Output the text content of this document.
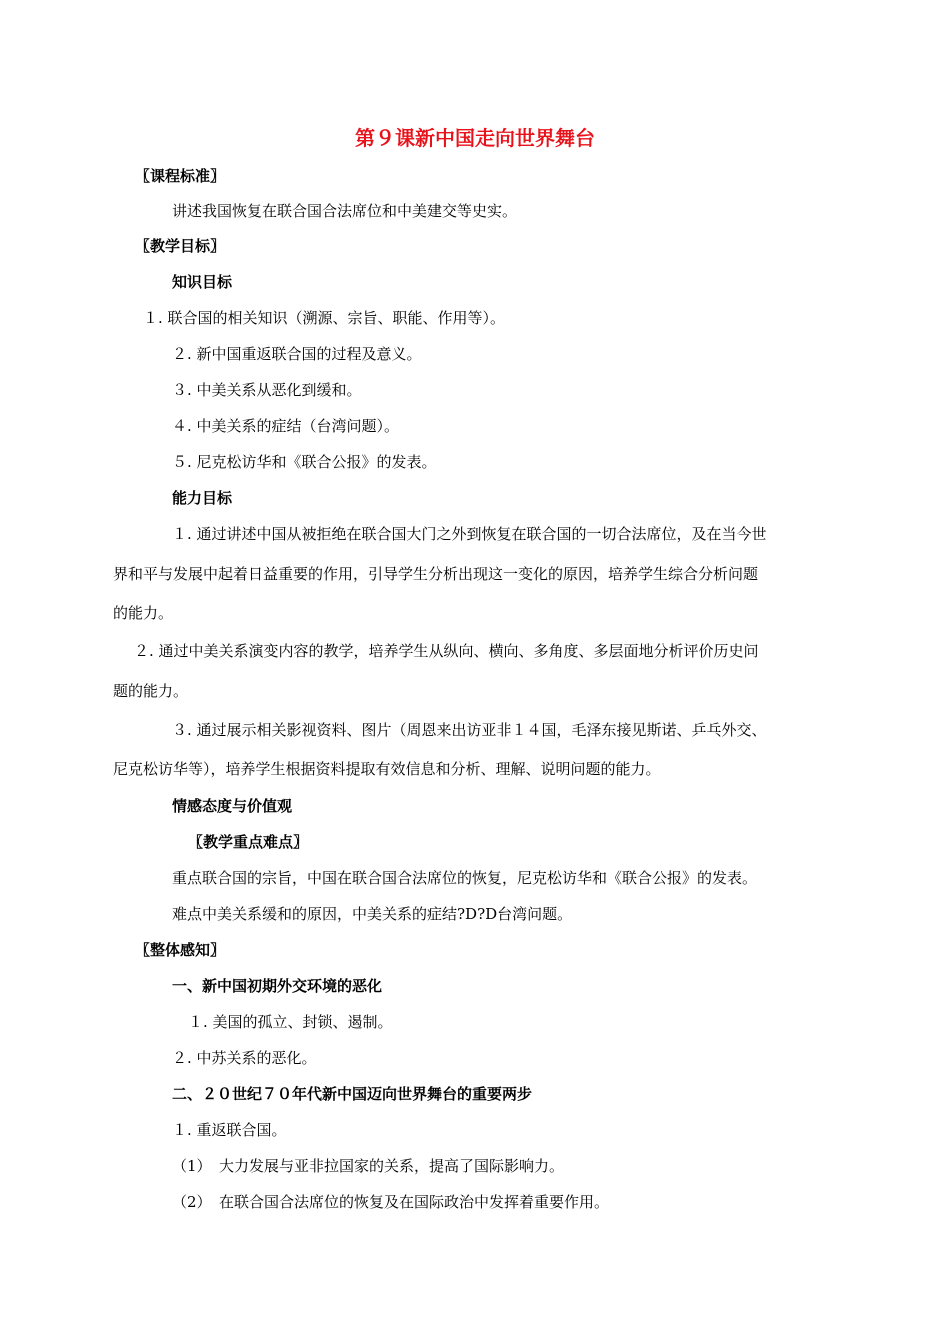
第９课新中国走向世界舞台
〖课程标准〗
讲述我国恢复在联合国合法席位和中美建交等史实。
〖教学目标〗
知识目标
１. 联合国的相关知识（溯源、宗旨、职能、作用等）。
２. 新中国重返联合国的过程及意义。
３. 中美关系从恶化到缓和。
４. 中美关系的症结（台湾问题）。
５. 尼克松访华和《联合公报》的发表。
能力目标
１. 通过讲述中国从被拒绝在联合国大门之外到恢复在联合国的一切合法席位，及在当今世
界和平与发展中起着日益重要的作用，引导学生分析出现这一变化的原因，培养学生综合分析问题
的能力。
２. 通过中美关系演变内容的教学，培养学生从纵向、横向、多角度、多层面地分析评价历史问
题的能力。
３. 通过展示相关影视资料、图片（周恩来出访亚非１４国，毛泽东接见斯诺、乒乓外交、
尼克松访华等），培养学生根据资料提取有效信息和分析、理解、说明问题的能力。
情感态度与价值观
〖教学重点难点〗
重点联合国的宗旨，中国在联合国合法席位的恢复，尼克松访华和《联合公报》的发表。
难点中美关系缓和的原因，中美关系的症结?D?D台湾问题。
〖整体感知〗
一、新中国初期外交环境的恶化
１. 美国的孤立、封锁、遏制。
２. 中苏关系的恶化。
二、２０世纪７０年代新中国迈向世界舞台的重要两步
１. 重返联合国。
（1）　大力发展与亚非拉国家的关系，提高了国际影响力。
（2）　在联合国合法席位的恢复及在国际政治中发挥着重要作用。
